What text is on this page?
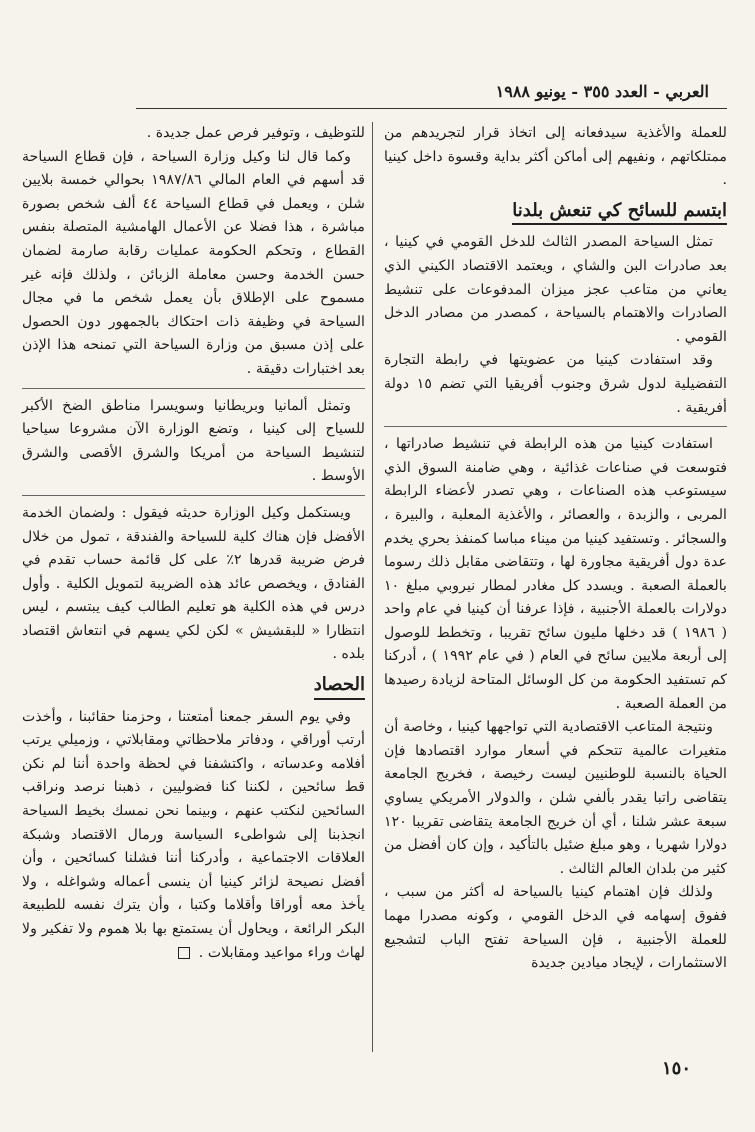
العربي - العدد ٣٥٥ - يونيو ١٩٨٨

للعملة والأغذية سيدفعانه إلى اتخاذ قرار لتجريدهم من ممتلكاتهم ، ونفيهم إلى أماكن أكثر بداية وقسوة داخل كينيا .

ابتسم للسائح كي تنعش بلدنا

تمثل السياحة المصدر الثالث للدخل القومي في كينيا ، بعد صادرات البن والشاي ، ويعتمد الاقتصاد الكيني الذي يعاني من متاعب عجز ميزان المدفوعات على تنشيط الصادرات والاهتمام بالسياحة ، كمصدر من مصادر الدخل القومي .

وقد استفادت كينيا من عضويتها في رابطة التجارة التفضيلية لدول شرق وجنوب أفريقيا التي تضم ١٥ دولة أفريقية .

استفادت كينيا من هذه الرابطة في تنشيط صادراتها ، فتوسعت في صناعات غذائية ، وهي ضامنة السوق الذي سيستوعب هذه الصناعات ، وهي تصدر لأعضاء الرابطة المربى ، والزبدة ، والعصائر ، والأغذية المعلبة ، والبيرة ، والسجائر . وتستفيد كينيا من ميناء مباسا كمنفذ بحري يخدم عدة دول أفريقية مجاورة لها ، وتتقاضى مقابل ذلك رسوما بالعملة الصعبة . ويسدد كل مغادر لمطار نيروبي مبلغ ١٠ دولارات بالعملة الأجنبية ، فإذا عرفنا أن كينيا في عام واحد ( ١٩٨٦ ) قد دخلها مليون سائح تقريبا ، وتخطط للوصول إلى أربعة ملايين سائح في العام ( في عام ١٩٩٢ ) ، أدركنا كم تستفيد الحكومة من كل الوسائل المتاحة لزيادة رصيدها من العملة الصعبة .

ونتيجة المتاعب الاقتصادية التي تواجهها كينيا ، وخاصة أن متغيرات عالمية تتحكم في أسعار موارد اقتصادها فإن الحياة بالنسبة للوطنيين ليست رخيصة ، فخريج الجامعة يتقاضى راتبا يقدر بألفي شلن ، والدولار الأمريكي يساوي سبعة عشر شلنا ، أي أن خريج الجامعة يتقاضى تقريبا ١٢٠ دولارا شهريا ، وهو مبلغ ضئيل بالتأكيد ، وإن كان أفضل من كثير من بلدان العالم الثالث .

ولذلك فإن اهتمام كينيا بالسياحة له أكثر من سبب ، ففوق إسهامه في الدخل القومي ، وكونه مصدرا مهما للعملة الأجنبية ، فإن السياحة تفتح الباب لتشجيع الاستثمارات ، لإيجاد ميادين جديدة

للتوظيف ، وتوفير فرص عمل جديدة .

وكما قال لنا وكيل وزارة السياحة ، فإن قطاع السياحة قد أسهم في العام المالي ١٩٨٧/٨٦ بحوالي خمسة بلايين شلن ، ويعمل في قطاع السياحة ٤٤ ألف شخص بصورة مباشرة ، هذا فضلا عن الأعمال الهامشية المتصلة بنفس القطاع ، وتحكم الحكومة عمليات رقابة صارمة لضمان حسن الخدمة وحسن معاملة الزبائن ، ولذلك فإنه غير مسموح على الإطلاق بأن يعمل شخص ما في مجال السياحة في وظيفة ذات احتكاك بالجمهور دون الحصول على إذن مسبق من وزارة السياحة التي تمنحه هذا الإذن بعد اختبارات دقيقة .

وتمثل ألمانيا وبريطانيا وسويسرا مناطق الضخ الأكبر للسياح إلى كينيا ، وتضع الوزارة الآن مشروعا سياحيا لتنشيط السياحة من أمريكا والشرق الأقصى والشرق الأوسط .

ويستكمل وكيل الوزارة حديثه فيقول : ولضمان الخدمة الأفضل فإن هناك كلية للسياحة والفندقة ، تمول من خلال فرض ضريبة قدرها ٢٪ على كل قائمة حساب تقدم في الفنادق ، ويخصص عائد هذه الضريبة لتمويل الكلية . وأول درس في هذه الكلية هو تعليم الطالب كيف يبتسم ، ليس انتظارا « للبقشيش » لكن لكي يسهم في انتعاش اقتصاد بلده .

الحصاد

وفي يوم السفر جمعنا أمتعتنا ، وحزمنا حقائبنا ، وأخذت أرتب أوراقي ، ودفاتر ملاحظاتي ومقابلاتي ، وزميلي يرتب أفلامه وعدساته ، واكتشفنا في لحظة واحدة أننا لم نكن قط سائحين ، لكننا كنا فضوليين ، ذهبنا نرصد ونراقب السائحين لنكتب عنهم ، وبينما نحن نمسك بخيط السياحة انجذبنا إلى شواطىء السياسة ورمال الاقتصاد وشبكة العلاقات الاجتماعية ، وأدركنا أننا فشلنا كسائحين ، وأن أفضل نصيحة لزائر كينيا أن ينسى أعماله وشواغله ، ولا يأخذ معه أوراقا وأقلاما وكتبا ، وأن يترك نفسه للطبيعة البكر الرائعة ، ويحاول أن يستمتع بها بلا هموم ولا تفكير ولا لهاث وراء مواعيد ومقابلات .

١٥٠
